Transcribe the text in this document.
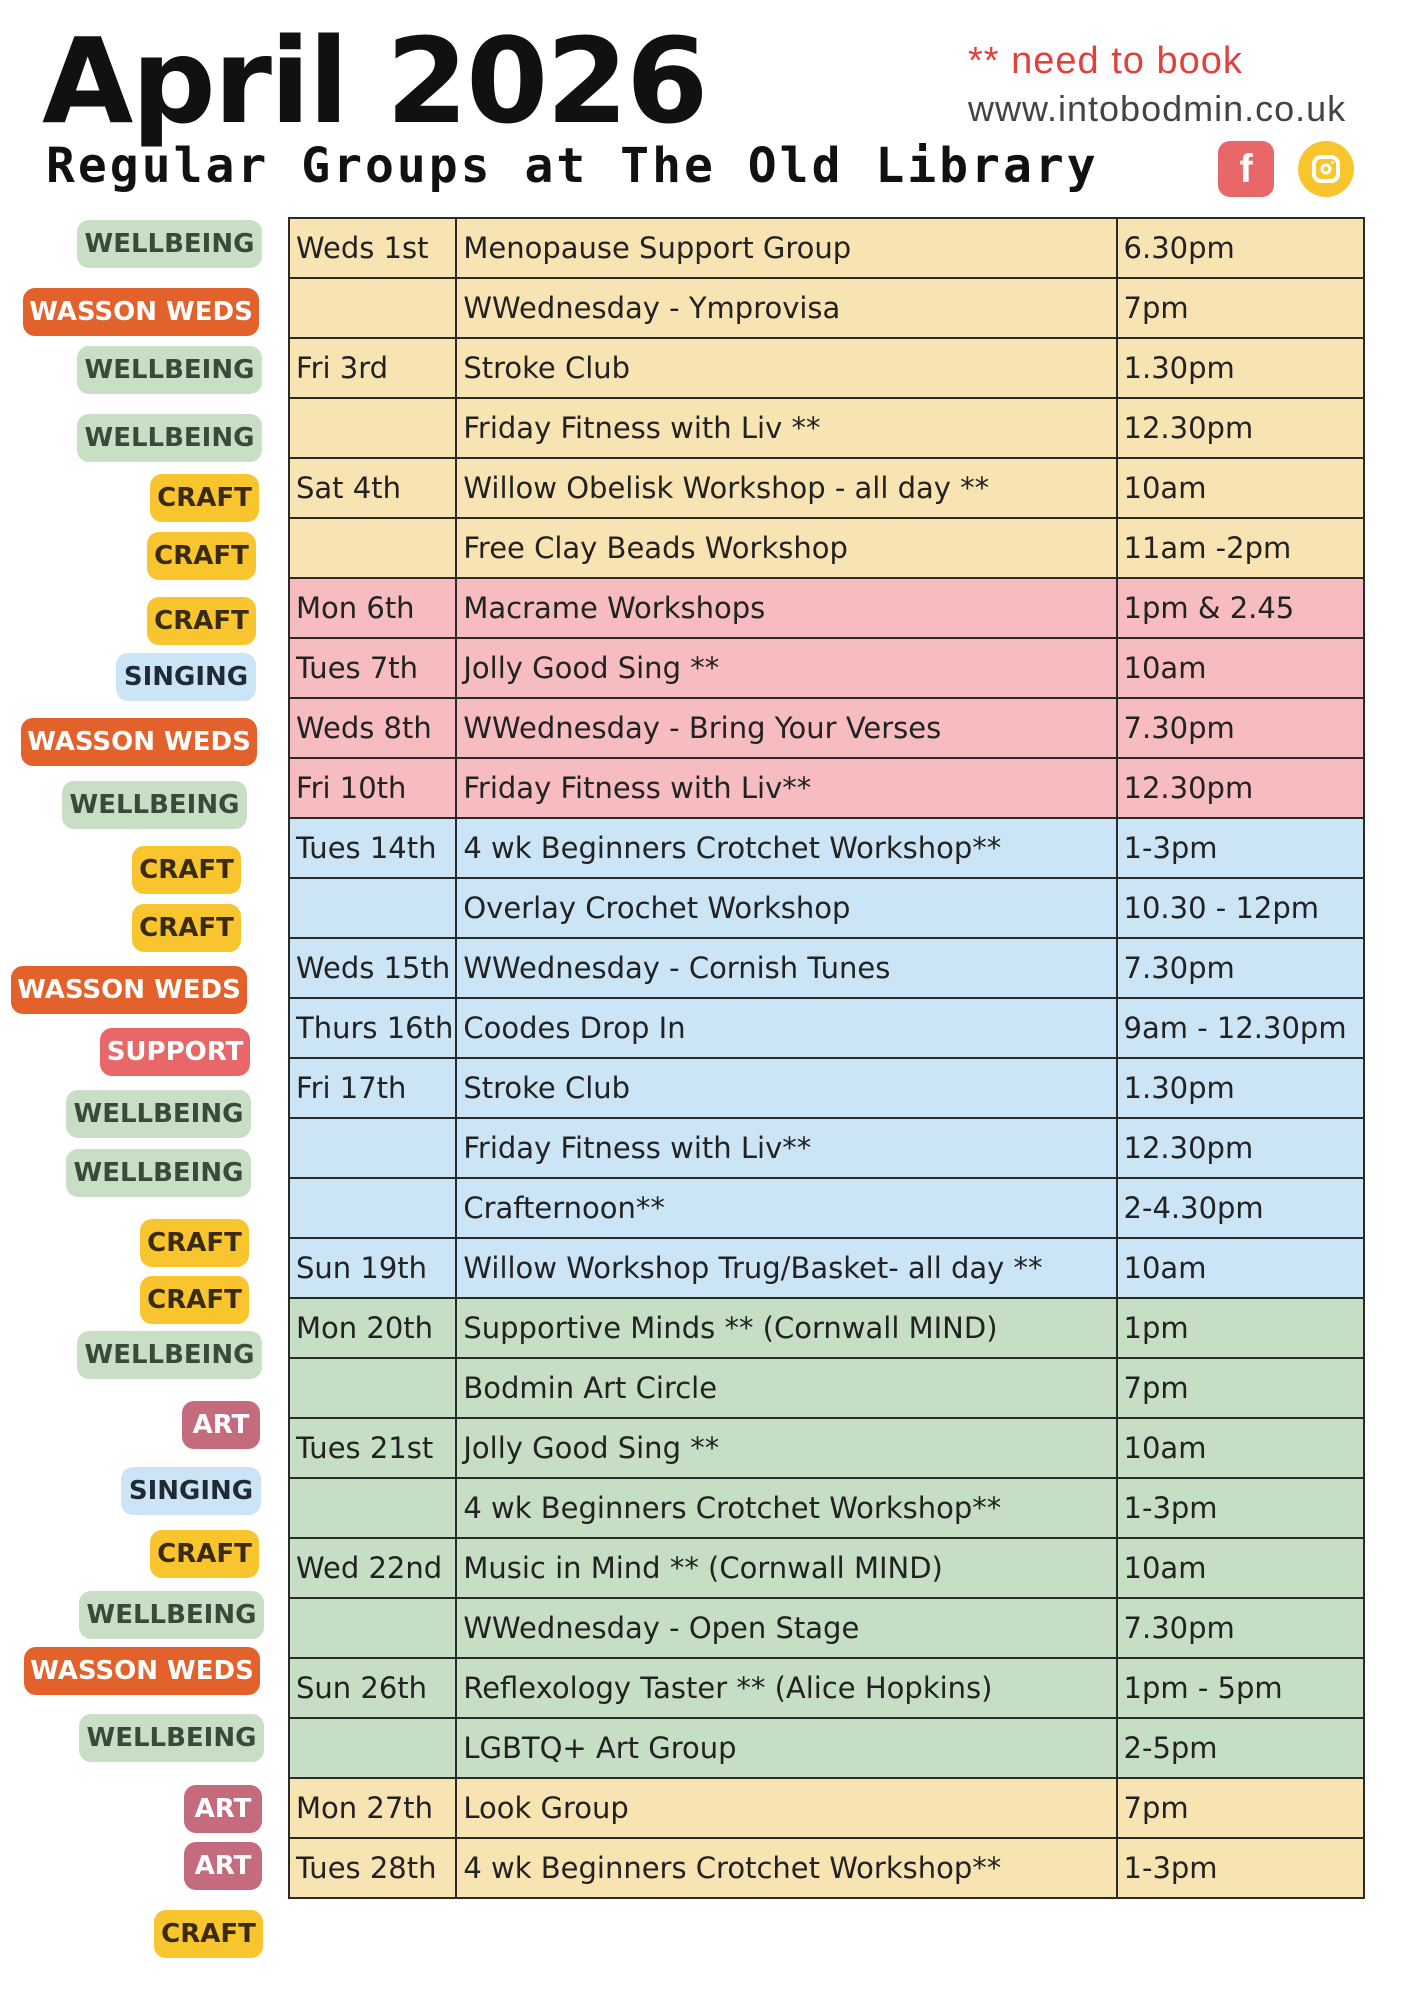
April 2026
Regular Groups at The Old Library
** need to book
www.intobodmin.co.uk
f
WELLBEING
WASSON WEDS
WELLBEING
WELLBEING
CRAFT
CRAFT
CRAFT
SINGING
WASSON WEDS
WELLBEING
CRAFT
CRAFT
WASSON WEDS
SUPPORT
WELLBEING
WELLBEING
CRAFT
CRAFT
WELLBEING
ART
SINGING
CRAFT
WELLBEING
WASSON WEDS
WELLBEING
ART
ART
CRAFT
Weds 1st	Menopause Support Group	6.30pm
	WWednesday - Ymprovisa	7pm
Fri 3rd	Stroke Club	1.30pm
	Friday Fitness with Liv **	12.30pm
Sat 4th	Willow Obelisk Workshop - all day **	10am
	Free Clay Beads Workshop	11am -2pm
Mon 6th	Macrame Workshops	1pm & 2.45
Tues 7th	Jolly Good Sing **	10am
Weds 8th	WWednesday - Bring Your Verses	7.30pm
Fri 10th	Friday Fitness with Liv**	12.30pm
Tues 14th	4 wk Beginners Crotchet Workshop**	1-3pm
	Overlay Crochet Workshop	10.30 - 12pm
Weds 15th	WWednesday - Cornish Tunes	7.30pm
Thurs 16th	Coodes Drop In	9am - 12.30pm
Fri 17th	Stroke Club	1.30pm
	Friday Fitness with Liv**	12.30pm
	Crafternoon**	2-4.30pm
Sun 19th	Willow Workshop Trug/Basket- all day **	10am
Mon 20th	Supportive Minds ** (Cornwall MIND)	1pm
	Bodmin Art Circle	7pm
Tues 21st	Jolly Good Sing **	10am
	4 wk Beginners Crotchet Workshop**	1-3pm
Wed 22nd	Music in Mind ** (Cornwall MIND)	10am
	WWednesday - Open Stage	7.30pm
Sun 26th	Reflexology Taster ** (Alice Hopkins)	1pm - 5pm
	LGBTQ+ Art Group	2-5pm
Mon 27th	Look Group	7pm
Tues 28th	4 wk Beginners Crotchet Workshop**	1-3pm
